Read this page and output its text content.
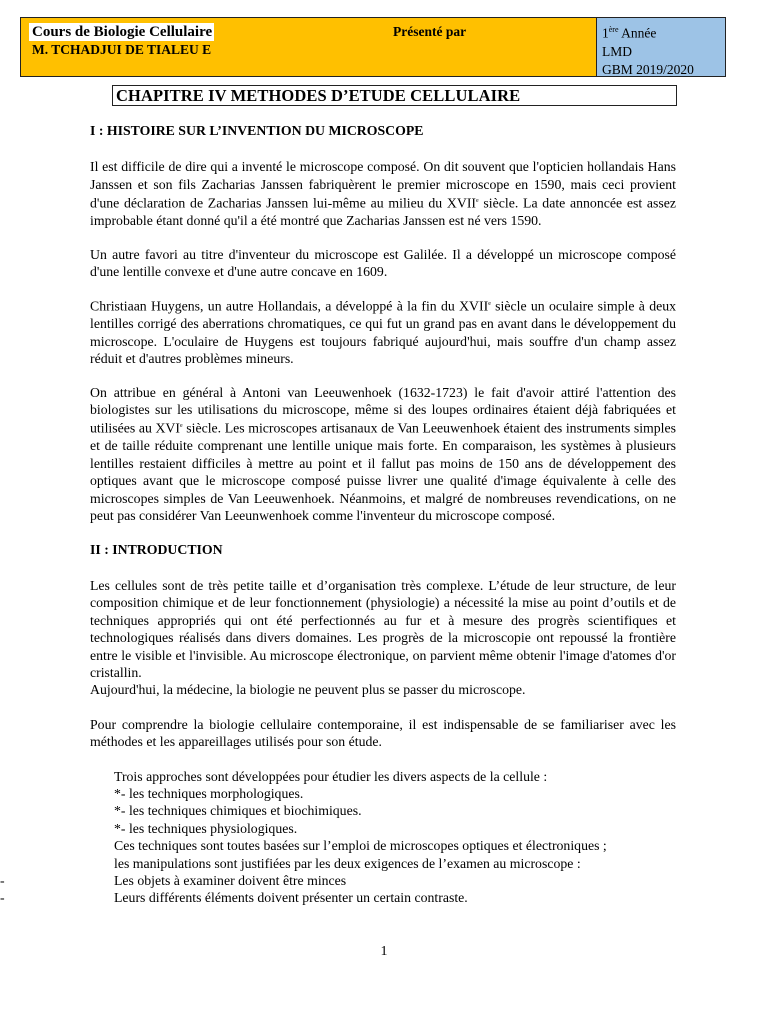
Cours de Biologie Cellulaire
M. TCHADJUI DE TIALEU E
Présenté par	1ère Année
LMD
GBM 2019/2020
CHAPITRE IV METHODES D’ETUDE CELLULAIRE
I : HISTOIRE SUR L’INVENTION DU MICROSCOPE

Il est difficile de dire qui a inventé le microscope composé. On dit souvent que l'opticien hollandais Hans Janssen et son fils Zacharias Janssen fabriquèrent le premier microscope en 1590, mais ceci provient d'une déclaration de Zacharias Janssen lui-même au milieu du XVIIe siècle. La date annoncée est assez improbable étant donné qu'il a été montré que Zacharias Janssen est né vers 1590.

Un autre favori au titre d'inventeur du microscope est Galilée. Il a développé un microscope composé d'une lentille convexe et d'une autre concave en 1609.

Christiaan Huygens, un autre Hollandais, a développé à la fin du XVIIe siècle un oculaire simple à deux lentilles corrigé des aberrations chromatiques, ce qui fut un grand pas en avant dans le développement du microscope. L'oculaire de Huygens est toujours fabriqué aujourd'hui, mais souffre d'un champ assez réduit et d'autres problèmes mineurs.

On attribue en général à Antoni van Leeuwenhoek (1632-1723) le fait d'avoir attiré l'attention des biologistes sur les utilisations du microscope, même si des loupes ordinaires étaient déjà fabriquées et utilisées au XVIe siècle. Les microscopes artisanaux de Van Leeuwenhoek étaient des instruments simples et de taille réduite comprenant une lentille unique mais forte. En comparaison, les systèmes à plusieurs lentilles restaient difficiles à mettre au point et il fallut pas moins de 150 ans de développement des optiques avant que le microscope composé puisse livrer une qualité d'image équivalente à celle des microscopes simples de Van Leeuwenhoek. Néanmoins, et malgré de nombreuses revendications, on ne peut pas considérer Van Leeunwenhoek comme l'inventeur du microscope composé.

II : INTRODUCTION

Les cellules sont de très petite taille et d’organisation très complexe. L’étude de leur structure, de leur composition chimique et de leur fonctionnement (physiologie) a nécessité la mise au point d’outils et de techniques appropriés qui ont été perfectionnés au fur et à mesure des progrès scientifiques et technologiques réalisés dans divers domaines. Les progrès de la microscopie ont repoussé la frontière entre le visible et l'invisible. Au microscope électronique, on parvient même obtenir l'image d'atomes d'or cristallin.

Aujourd'hui, la médecine, la biologie ne peuvent plus se passer du microscope.

Pour comprendre la biologie cellulaire contemporaine, il est indispensable de se familiariser avec les méthodes et les appareillages utilisés pour son étude.

Trois approches sont développées pour étudier les divers aspects de la cellule :
*- les techniques morphologiques.
*- les techniques chimiques et biochimiques.
*- les techniques physiologiques.
Ces techniques sont toutes basées sur l’emploi de microscopes optiques et électroniques ;
les manipulations sont justifiées par les deux exigences de l’examen au microscope :
-	Les objets à examiner doivent être minces
-	Leurs différents éléments doivent présenter un certain contraste.
1
